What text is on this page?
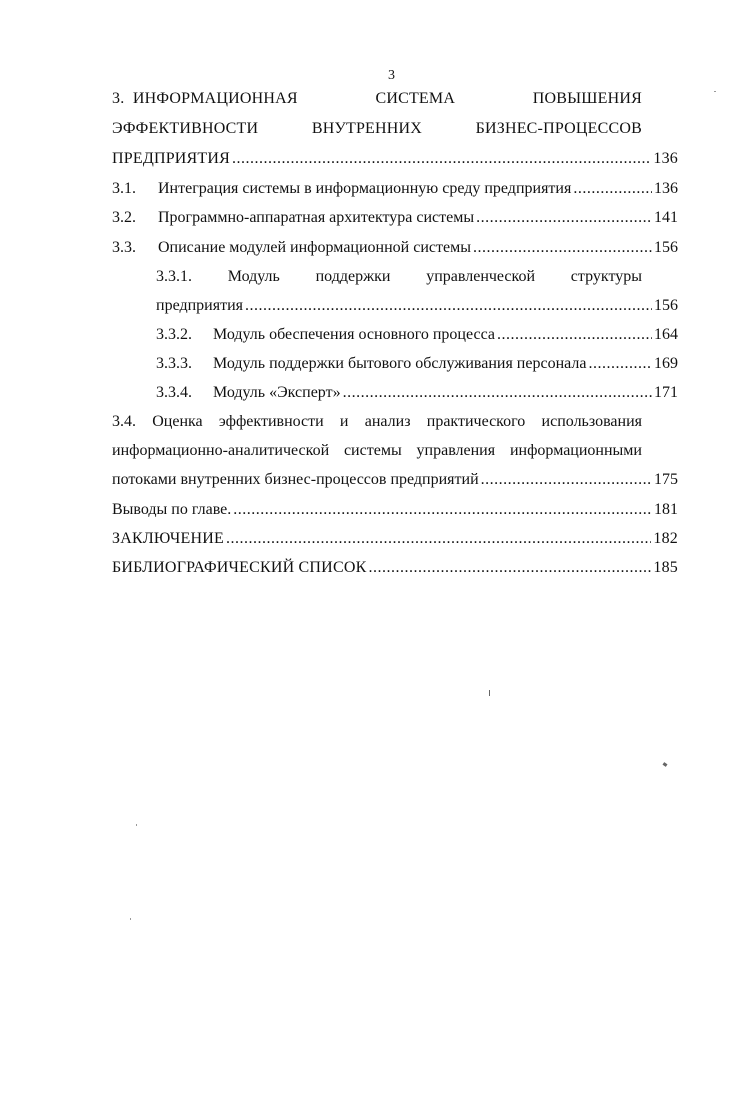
3
3. ИНФОРМАЦИОННАЯ	СИСТЕМА	ПОВЫШЕНИЯ
ЭФФЕКТИВНОСТИ	ВНУТРЕННИХ	БИЗНЕС-ПРОЦЕССОВ
ПРЕДПРИЯТИЯ .....	136
3.1. Интеграция системы в информационную среду предприятия .....	136
3.2. Программно-аппаратная архитектура системы .....	141
3.3. Описание модулей информационной системы .....	156
3.3.1. Модуль поддержки управленческой структуры
предприятия .....	156
3.3.2. Модуль обеспечения основного процесса .....	164
3.3.3. Модуль поддержки бытового обслуживания персонала .....	169
3.3.4. Модуль «Эксперт» .....	171
3.4. Оценка эффективности и анализ практического использования
информационно-аналитической системы управления информационными
потоками внутренних бизнес-процессов предприятий .....	175
Выводы по главе. .....	181
ЗАКЛЮЧЕНИЕ .....	182
БИБЛИОГРАФИЧЕСКИЙ СПИСОК .....	185
